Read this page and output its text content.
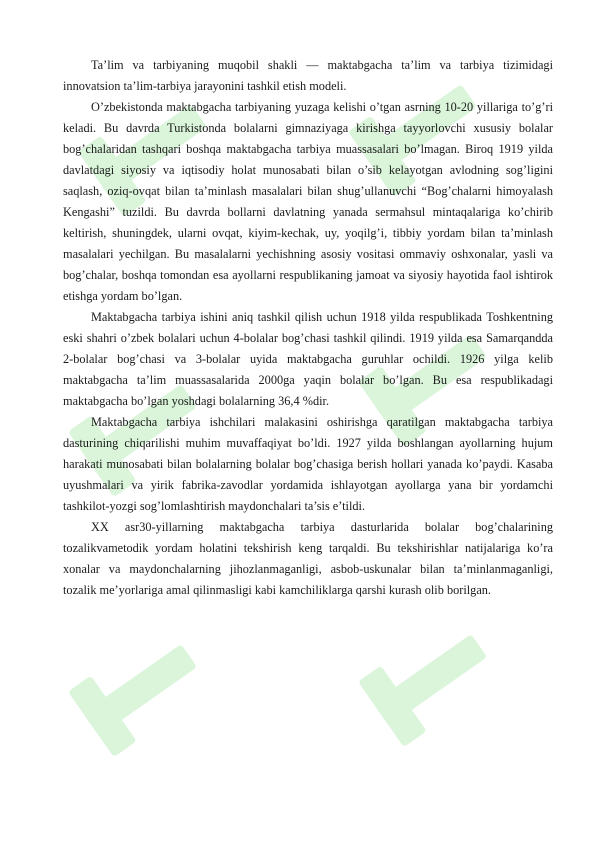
Ta’lim va tarbiyaning muqobil shakli — maktabgacha ta’lim va tarbiya tizimidagi innovatsion ta’lim-tarbiya jarayonini tashkil etish modeli.

O’zbekistonda maktabgacha tarbiyaning yuzaga kelishi o’tgan asrning 10-20 yillariga to’g’ri keladi. Bu davrda Turkistonda bolalarni gimnaziyaga kirishga tayyorlovchi xususiy bolalar bog’chalaridan tashqari boshqa maktabgacha tarbiya muassasalari bo’lmagan. Biroq 1919 yilda davlatdagi siyosiy va iqtisodiy holat munosabati bilan o’sib kelayotgan avlodning sog’ligini saqlash, oziq-ovqat bilan ta’minlash masalalari bilan shug’ullanuvchi “Bog’chalarni himoyalash Kengashi” tuzildi. Bu davrda bollarni davlatning yanada sermahsul mintaqalariga ko’chirib keltirish, shuningdek, ularni ovqat, kiyim-kechak, uy, yoqilg’i, tibbiy yordam bilan ta’minlash masalalari yechilgan. Bu masalalarni yechishning asosiy vositasi ommaviy oshxonalar, yasli va bog’chalar, boshqa tomondan esa ayollarni respublikaning jamoat va siyosiy hayotida faol ishtirok etishga yordam bo’lgan.

Maktabgacha tarbiya ishini aniq tashkil qilish uchun 1918 yilda respublikada Toshkentning eski shahri o’zbek bolalari uchun 4-bolalar bog’chasi tashkil qilindi. 1919 yilda esa Samarqandda 2-bolalar bog’chasi va 3-bolalar uyida maktabgacha guruhlar ochildi. 1926 yilga kelib maktabgacha ta’lim muassasalarida 2000ga yaqin bolalar bo’lgan. Bu esa respublikadagi maktabgacha bo’lgan yoshdagi bolalarning 36,4 %dir.

Maktabgacha tarbiya ishchilari malakasini oshirishga qaratilgan maktabgacha tarbiya dasturining chiqarilishi muhim muvaffaqiyat bo’ldi. 1927 yilda boshlangan ayollarning hujum harakati munosabati bilan bolalarning bolalar bog’chasiga berish hollari yanada ko’paydi. Kasaba uyushmalari va yirik fabrika-zavodlar yordamida ishlayotgan ayollarga yana bir yordamchi tashkilot-yozgi sog’lomlashtirish maydonchalari ta’sis e’tildi.

XX asr30-yillarning maktabgacha tarbiya dasturlarida bolalar bog’chalarining tozalikvametodik yordam holatini tekshirish keng tarqaldi. Bu tekshirishlar natijalariga ko’ra xonalar va maydonchalarning jihozlanmaganligi, asbob-uskunalar bilan ta’minlanmaganligi, tozalik me’yorlariga amal qilinmasligi kabi kamchiliklarga qarshi kurash olib borilgan.
